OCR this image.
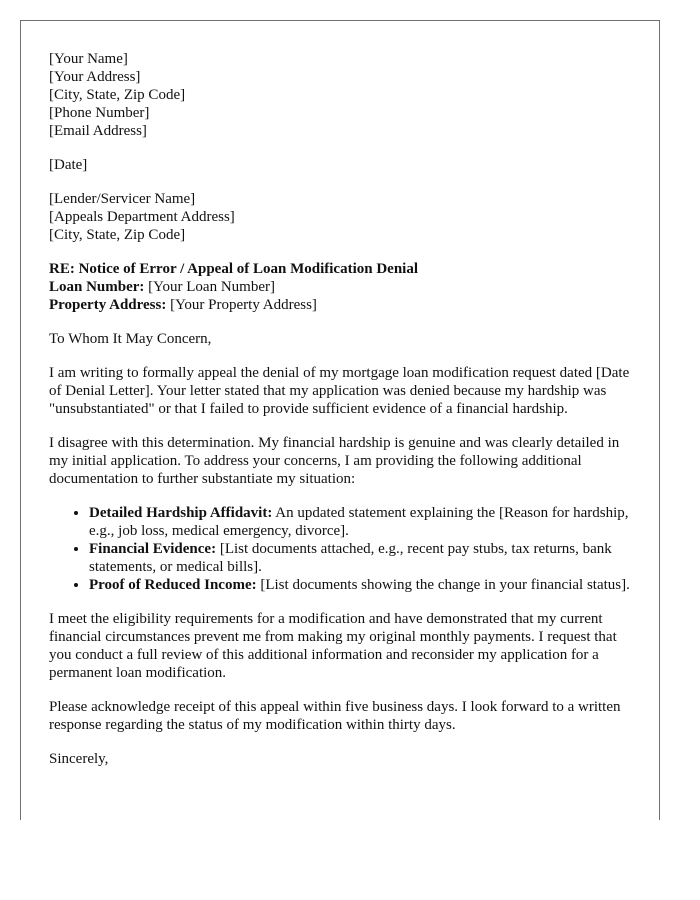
[Your Name]
[Your Address]
[City, State, Zip Code]
[Phone Number]
[Email Address]
[Date]
[Lender/Servicer Name]
[Appeals Department Address]
[City, State, Zip Code]
RE: Notice of Error / Appeal of Loan Modification Denial
Loan Number: [Your Loan Number]
Property Address: [Your Property Address]

To Whom It May Concern,

I am writing to formally appeal the denial of my mortgage loan modification request dated [Date of Denial Letter]. Your letter stated that my application was denied because my hardship was "unsubstantiated" or that I failed to provide sufficient evidence of a financial hardship.

I disagree with this determination. My financial hardship is genuine and was clearly detailed in my initial application. To address your concerns, I am providing the following additional documentation to further substantiate my situation:

• Detailed Hardship Affidavit: An updated statement explaining the [Reason for hardship, e.g., job loss, medical emergency, divorce].
• Financial Evidence: [List documents attached, e.g., recent pay stubs, tax returns, bank statements, or medical bills].
• Proof of Reduced Income: [List documents showing the change in your financial status].

I meet the eligibility requirements for a modification and have demonstrated that my current financial circumstances prevent me from making my original monthly payments. I request that you conduct a full review of this additional information and reconsider my application for a permanent loan modification.

Please acknowledge receipt of this appeal within five business days. I look forward to a written response regarding the status of my modification within thirty days.

Sincerely,
